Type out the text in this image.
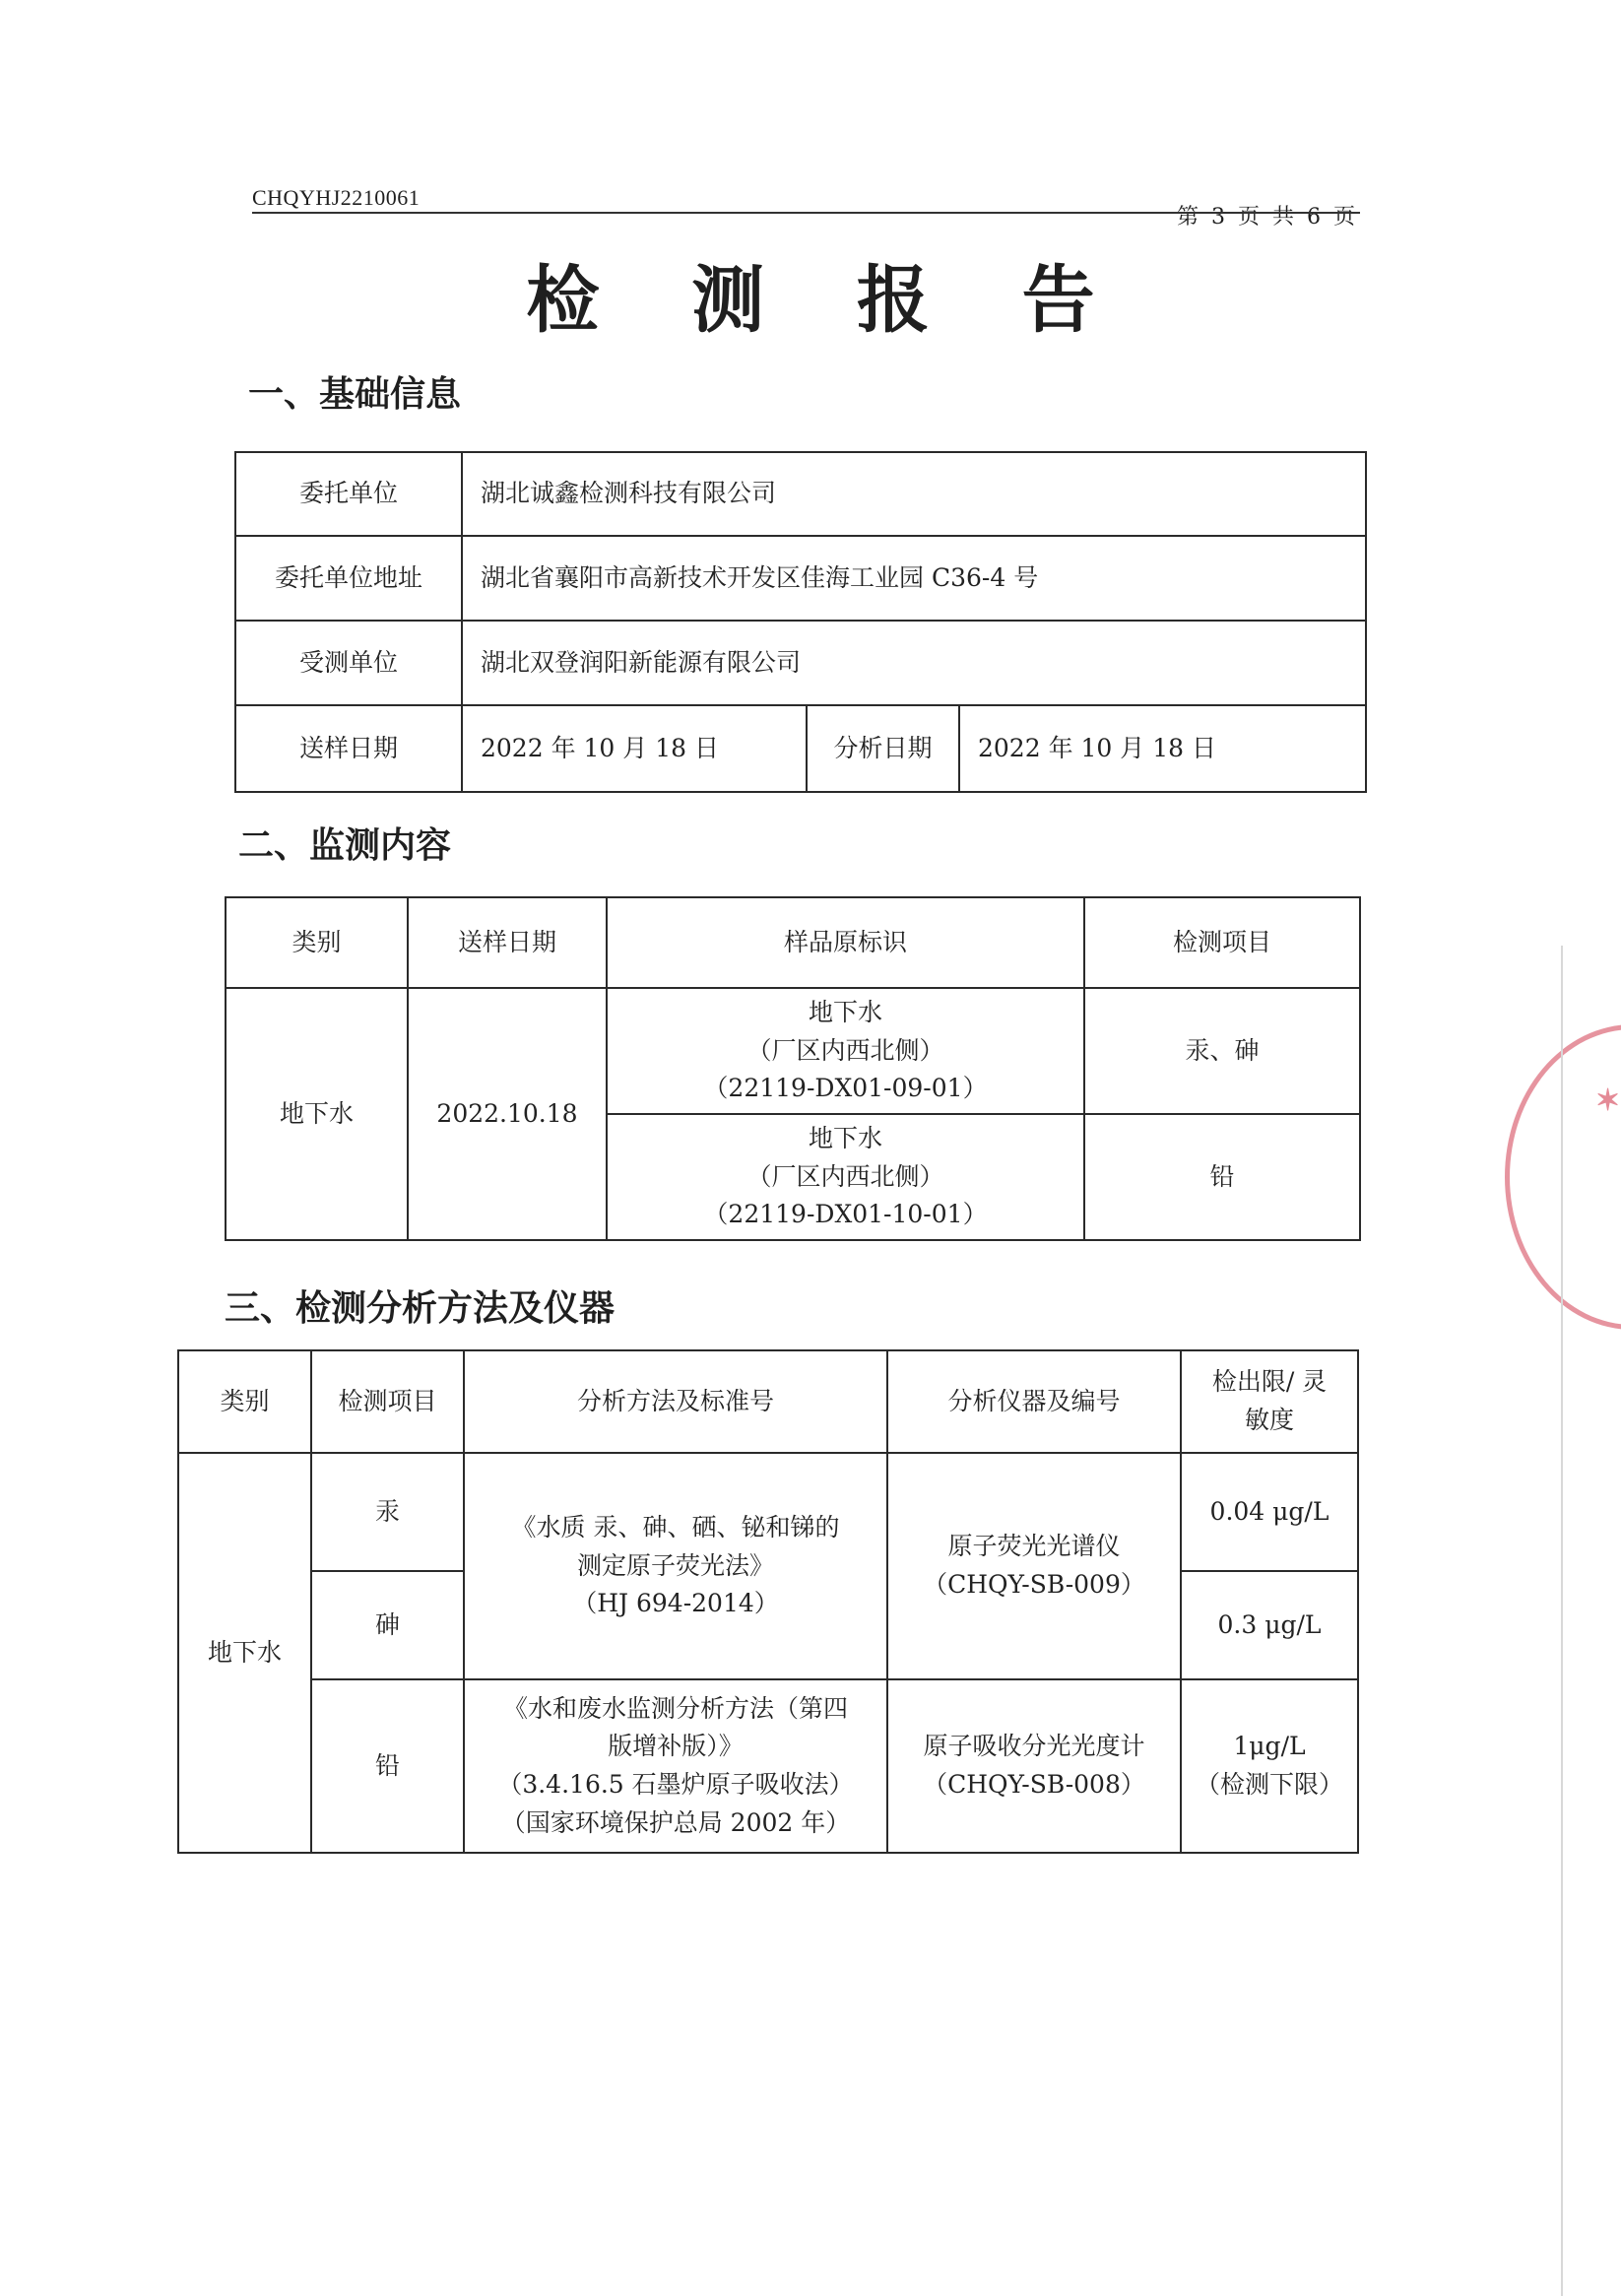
CHQYHJ2210061
第 3 页 共 6 页
检 测 报 告
一、基础信息
委托单位	湖北诚鑫检测科技有限公司		
委托单位地址	湖北省襄阳市高新技术开发区佳海工业园 C36-4 号		
受测单位	湖北双登润阳新能源有限公司		
送样日期	2022 年 10 月 18 日	分析日期	2022 年 10 月 18 日
二、监测内容
类别	送样日期	样品原标识	检测项目
地下水	2022.10.18	地下水
（厂区内西北侧）
（22119-DX01-09-01）	汞、砷

		地下水
（厂区内西北侧）
（22119-DX01-10-01）	铅
三、检测分析方法及仪器
类别	检测项目	分析方法及标准号	分析仪器及编号	检出限/ 灵
敏度

地下水	汞	《水质 汞、砷、硒、铋和锑的
测定原子荧光法》
（HJ 694-2014）	原子荧光光谱仪
（CHQY-SB-009）	0.04 μg/L
	砷			0.3 μg/L
	铅	《水和废水监测分析方法（第四
版增补版）》
（3.4.16.5 石墨炉原子吸收法）
（国家环境保护总局 2002 年）	原子吸收分光光度计
（CHQY-SB-008）	1μg/L
（检测下限）
✶
